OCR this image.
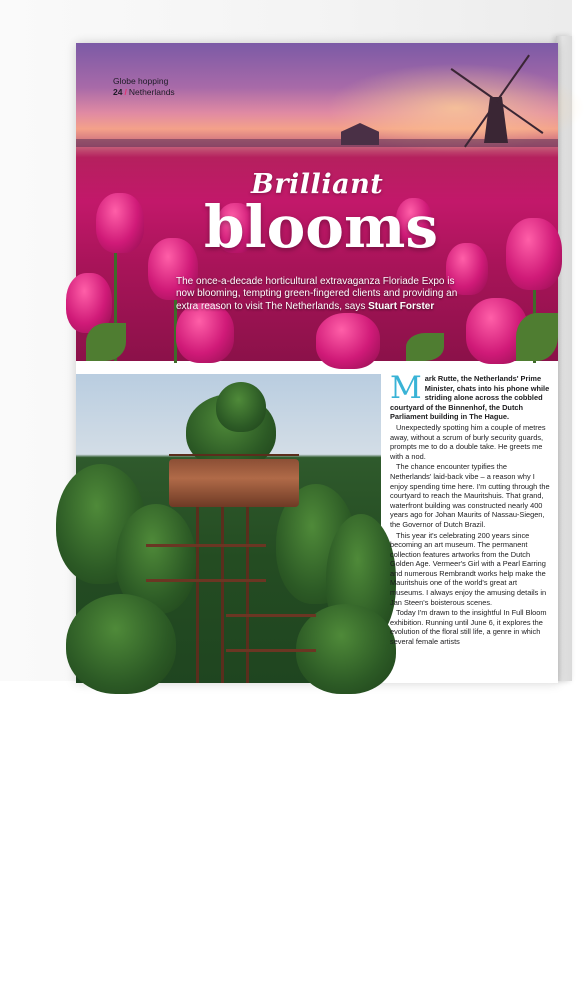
Globe hopping
24 / Netherlands
Brilliant
blooms
The once-a-decade horticultural extravaganza Floriade Expo is now blooming, tempting green-fingered clients and providing an extra reason to visit The Netherlands, says Stuart Forster
THE FOREST TOWER, PUTTEN

Mark Rutte, the Netherlands' Prime Minister, chats into his phone while striding alone across the cobbled courtyard of the Binnenhof, the Dutch Parliament building in The Hague.

Unexpectedly spotting him a couple of metres away, without a scrum of burly security guards, prompts me to do a double take. He greets me with a nod.

The chance encounter typifies the Netherlands' laid-back vibe – a reason why I enjoy spending time here. I'm cutting through the courtyard to reach the Mauritshuis. That grand, waterfront building was constructed nearly 400 years ago for Johan Maurits of Nassau-Siegen, the Governor of Dutch Brazil.

This year it's celebrating 200 years since becoming an art museum. The permanent collection features artworks from the Dutch Golden Age. Vermeer's Girl with a Pearl Earring and numerous Rembrandt works help make the Mauritshuis one of the world's great art museums. I always enjoy the amusing details in Jan Steen's boisterous scenes.

Today I'm drawn to the insightful In Full Bloom exhibition. Running until June 6, it explores the evolution of the floral still life, a genre in which several female artists
